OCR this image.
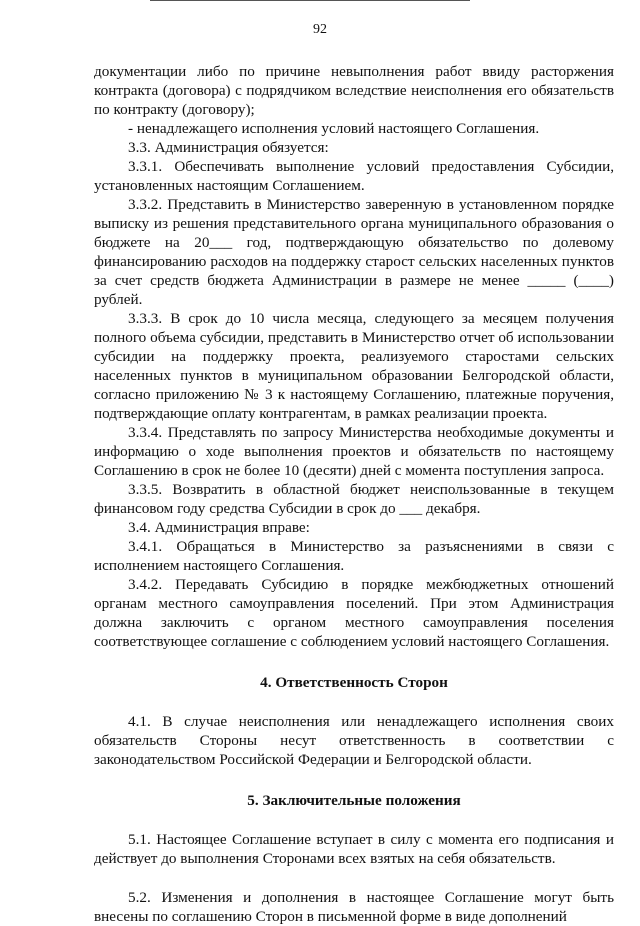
92

документации либо по причине невыполнения работ ввиду расторжения контракта (договора) с подрядчиком вследствие неисполнения его обязательств по контракту (договору);

- ненадлежащего исполнения условий настоящего Соглашения.

3.3. Администрация обязуется:

3.3.1. Обеспечивать выполнение условий предоставления Субсидии, установленных настоящим Соглашением.

3.3.2. Представить в Министерство заверенную в установленном порядке выписку из решения представительного органа муниципального образования о бюджете на 20___ год, подтверждающую обязательство по долевому финансированию расходов на поддержку старост сельских населенных пунктов за счет средств бюджета Администрации в размере не менее _____ (____) рублей.

3.3.3. В срок до 10 числа месяца, следующего за месяцем получения полного объема субсидии, представить в Министерство отчет об использовании субсидии на поддержку проекта, реализуемого старостами сельских населенных пунктов в муниципальном образовании Белгородской области, согласно приложению № 3 к настоящему Соглашению, платежные поручения, подтверждающие оплату контрагентам, в рамках реализации проекта.

3.3.4. Представлять по запросу Министерства необходимые документы и информацию о ходе выполнения проектов и обязательств по настоящему Соглашению в срок не более 10 (десяти) дней с момента поступления запроса.

3.3.5. Возвратить в областной бюджет неиспользованные в текущем финансовом году средства Субсидии в срок до ___ декабря.

3.4. Администрация вправе:

3.4.1. Обращаться в Министерство за разъяснениями в связи с исполнением настоящего Соглашения.

3.4.2. Передавать Субсидию в порядке межбюджетных отношений органам местного самоуправления поселений. При этом Администрация должна заключить с органом местного самоуправления поселения соответствующее соглашение с соблюдением условий настоящего Соглашения.

4. Ответственность Сторон

4.1. В случае неисполнения или ненадлежащего исполнения своих обязательств Стороны несут ответственность в соответствии с законодательством Российской Федерации и Белгородской области.

5. Заключительные положения

5.1. Настоящее Соглашение вступает в силу с момента его подписания и действует до выполнения Сторонами всех взятых на себя обязательств.

5.2. Изменения и дополнения в настоящее Соглашение могут быть внесены по соглашению Сторон в письменной форме в виде дополнений
